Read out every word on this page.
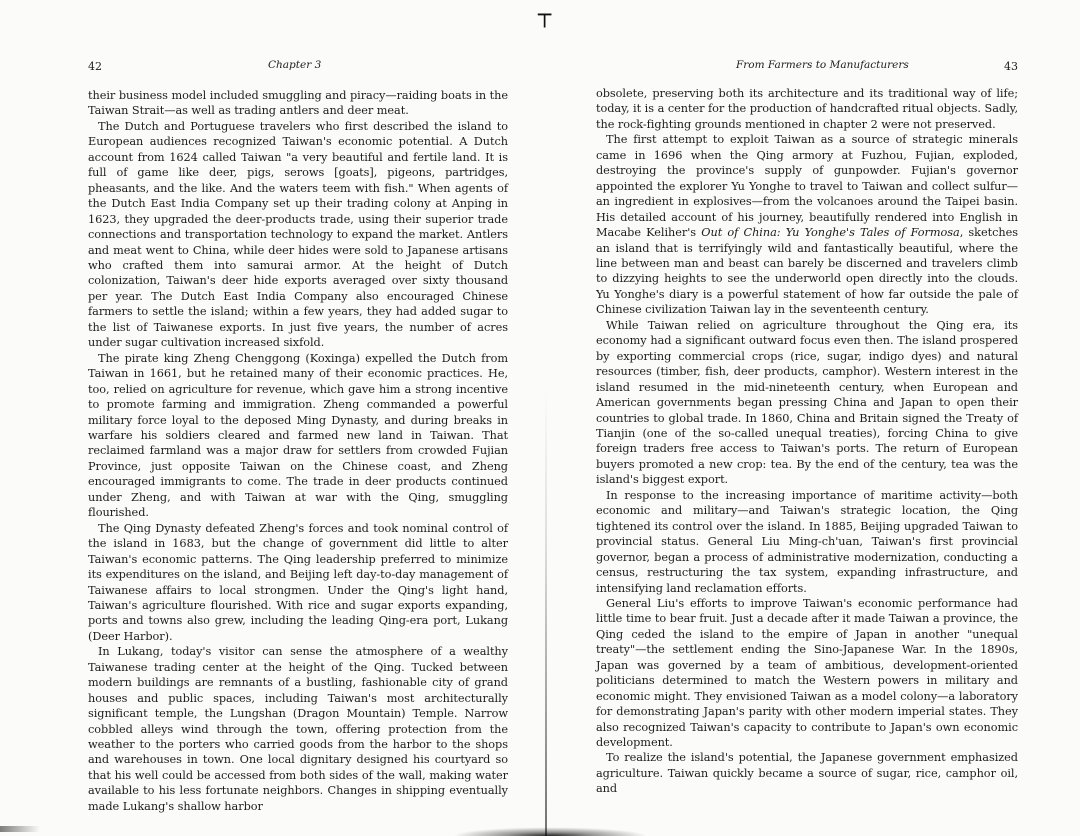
┬
42	Chapter 3

their business model included smuggling and piracy—raiding boats in the Taiwan Strait—as well as trading antlers and deer meat.

The Dutch and Portuguese travelers who first described the island to European audiences recognized Taiwan's economic potential. A Dutch account from 1624 called Taiwan "a very beautiful and fertile land. It is full of game like deer, pigs, serows [goats], pigeons, partridges, pheasants, and the like. And the waters teem with fish." When agents of the Dutch East India Company set up their trading colony at Anping in 1623, they upgraded the deer-products trade, using their superior trade connections and transportation technology to expand the market. Antlers and meat went to China, while deer hides were sold to Japanese artisans who crafted them into samurai armor. At the height of Dutch colonization, Taiwan's deer hide exports averaged over sixty thousand per year. The Dutch East India Company also encouraged Chinese farmers to settle the island; within a few years, they had added sugar to the list of Taiwanese exports. In just five years, the number of acres under sugar cultivation increased sixfold.

The pirate king Zheng Chenggong (Koxinga) expelled the Dutch from Taiwan in 1661, but he retained many of their economic practices. He, too, relied on agriculture for revenue, which gave him a strong incentive to promote farming and immigration. Zheng commanded a powerful military force loyal to the deposed Ming Dynasty, and during breaks in warfare his soldiers cleared and farmed new land in Taiwan. That reclaimed farmland was a major draw for settlers from crowded Fujian Province, just opposite Taiwan on the Chinese coast, and Zheng encouraged immigrants to come. The trade in deer products continued under Zheng, and with Taiwan at war with the Qing, smuggling flourished.

The Qing Dynasty defeated Zheng's forces and took nominal control of the island in 1683, but the change of government did little to alter Taiwan's economic patterns. The Qing leadership preferred to minimize its expenditures on the island, and Beijing left day-to-day management of Taiwanese affairs to local strongmen. Under the Qing's light hand, Taiwan's agriculture flourished. With rice and sugar exports expanding, ports and towns also grew, including the leading Qing-era port, Lukang (Deer Harbor).

In Lukang, today's visitor can sense the atmosphere of a wealthy Taiwanese trading center at the height of the Qing. Tucked between modern buildings are remnants of a bustling, fashionable city of grand houses and public spaces, including Taiwan's most architecturally significant temple, the Lungshan (Dragon Mountain) Temple. Narrow cobbled alleys wind through the town, offering protection from the weather to the porters who carried goods from the harbor to the shops and warehouses in town. One local dignitary designed his courtyard so that his well could be accessed from both sides of the wall, making water available to his less fortunate neighbors. Changes in shipping eventually made Lukang's shallow harbor

From Farmers to Manufacturers	43

obsolete, preserving both its architecture and its traditional way of life; today, it is a center for the production of handcrafted ritual objects. Sadly, the rock-fighting grounds mentioned in chapter 2 were not preserved.

The first attempt to exploit Taiwan as a source of strategic minerals came in 1696 when the Qing armory at Fuzhou, Fujian, exploded, destroying the province's supply of gunpowder. Fujian's governor appointed the explorer Yu Yonghe to travel to Taiwan and collect sulfur—an ingredient in explosives—from the volcanoes around the Taipei basin. His detailed account of his journey, beautifully rendered into English in Macabe Keliher's Out of China: Yu Yonghe's Tales of Formosa, sketches an island that is terrifyingly wild and fantastically beautiful, where the line between man and beast can barely be discerned and travelers climb to dizzying heights to see the underworld open directly into the clouds. Yu Yonghe's diary is a powerful statement of how far outside the pale of Chinese civilization Taiwan lay in the seventeenth century.

While Taiwan relied on agriculture throughout the Qing era, its economy had a significant outward focus even then. The island prospered by exporting commercial crops (rice, sugar, indigo dyes) and natural resources (timber, fish, deer products, camphor). Western interest in the island resumed in the mid-nineteenth century, when European and American governments began pressing China and Japan to open their countries to global trade. In 1860, China and Britain signed the Treaty of Tianjin (one of the so-called unequal treaties), forcing China to give foreign traders free access to Taiwan's ports. The return of European buyers promoted a new crop: tea. By the end of the century, tea was the island's biggest export.

In response to the increasing importance of maritime activity—both economic and military—and Taiwan's strategic location, the Qing tightened its control over the island. In 1885, Beijing upgraded Taiwan to provincial status. General Liu Ming-ch'uan, Taiwan's first provincial governor, began a process of administrative modernization, conducting a census, restructuring the tax system, expanding infrastructure, and intensifying land reclamation efforts.

General Liu's efforts to improve Taiwan's economic performance had little time to bear fruit. Just a decade after it made Taiwan a province, the Qing ceded the island to the empire of Japan in another "unequal treaty"—the settlement ending the Sino-Japanese War. In the 1890s, Japan was governed by a team of ambitious, development-oriented politicians determined to match the Western powers in military and economic might. They envisioned Taiwan as a model colony—a laboratory for demonstrating Japan's parity with other modern imperial states. They also recognized Taiwan's capacity to contribute to Japan's own economic development.

To realize the island's potential, the Japanese government emphasized agriculture. Taiwan quickly became a source of sugar, rice, camphor oil, and
